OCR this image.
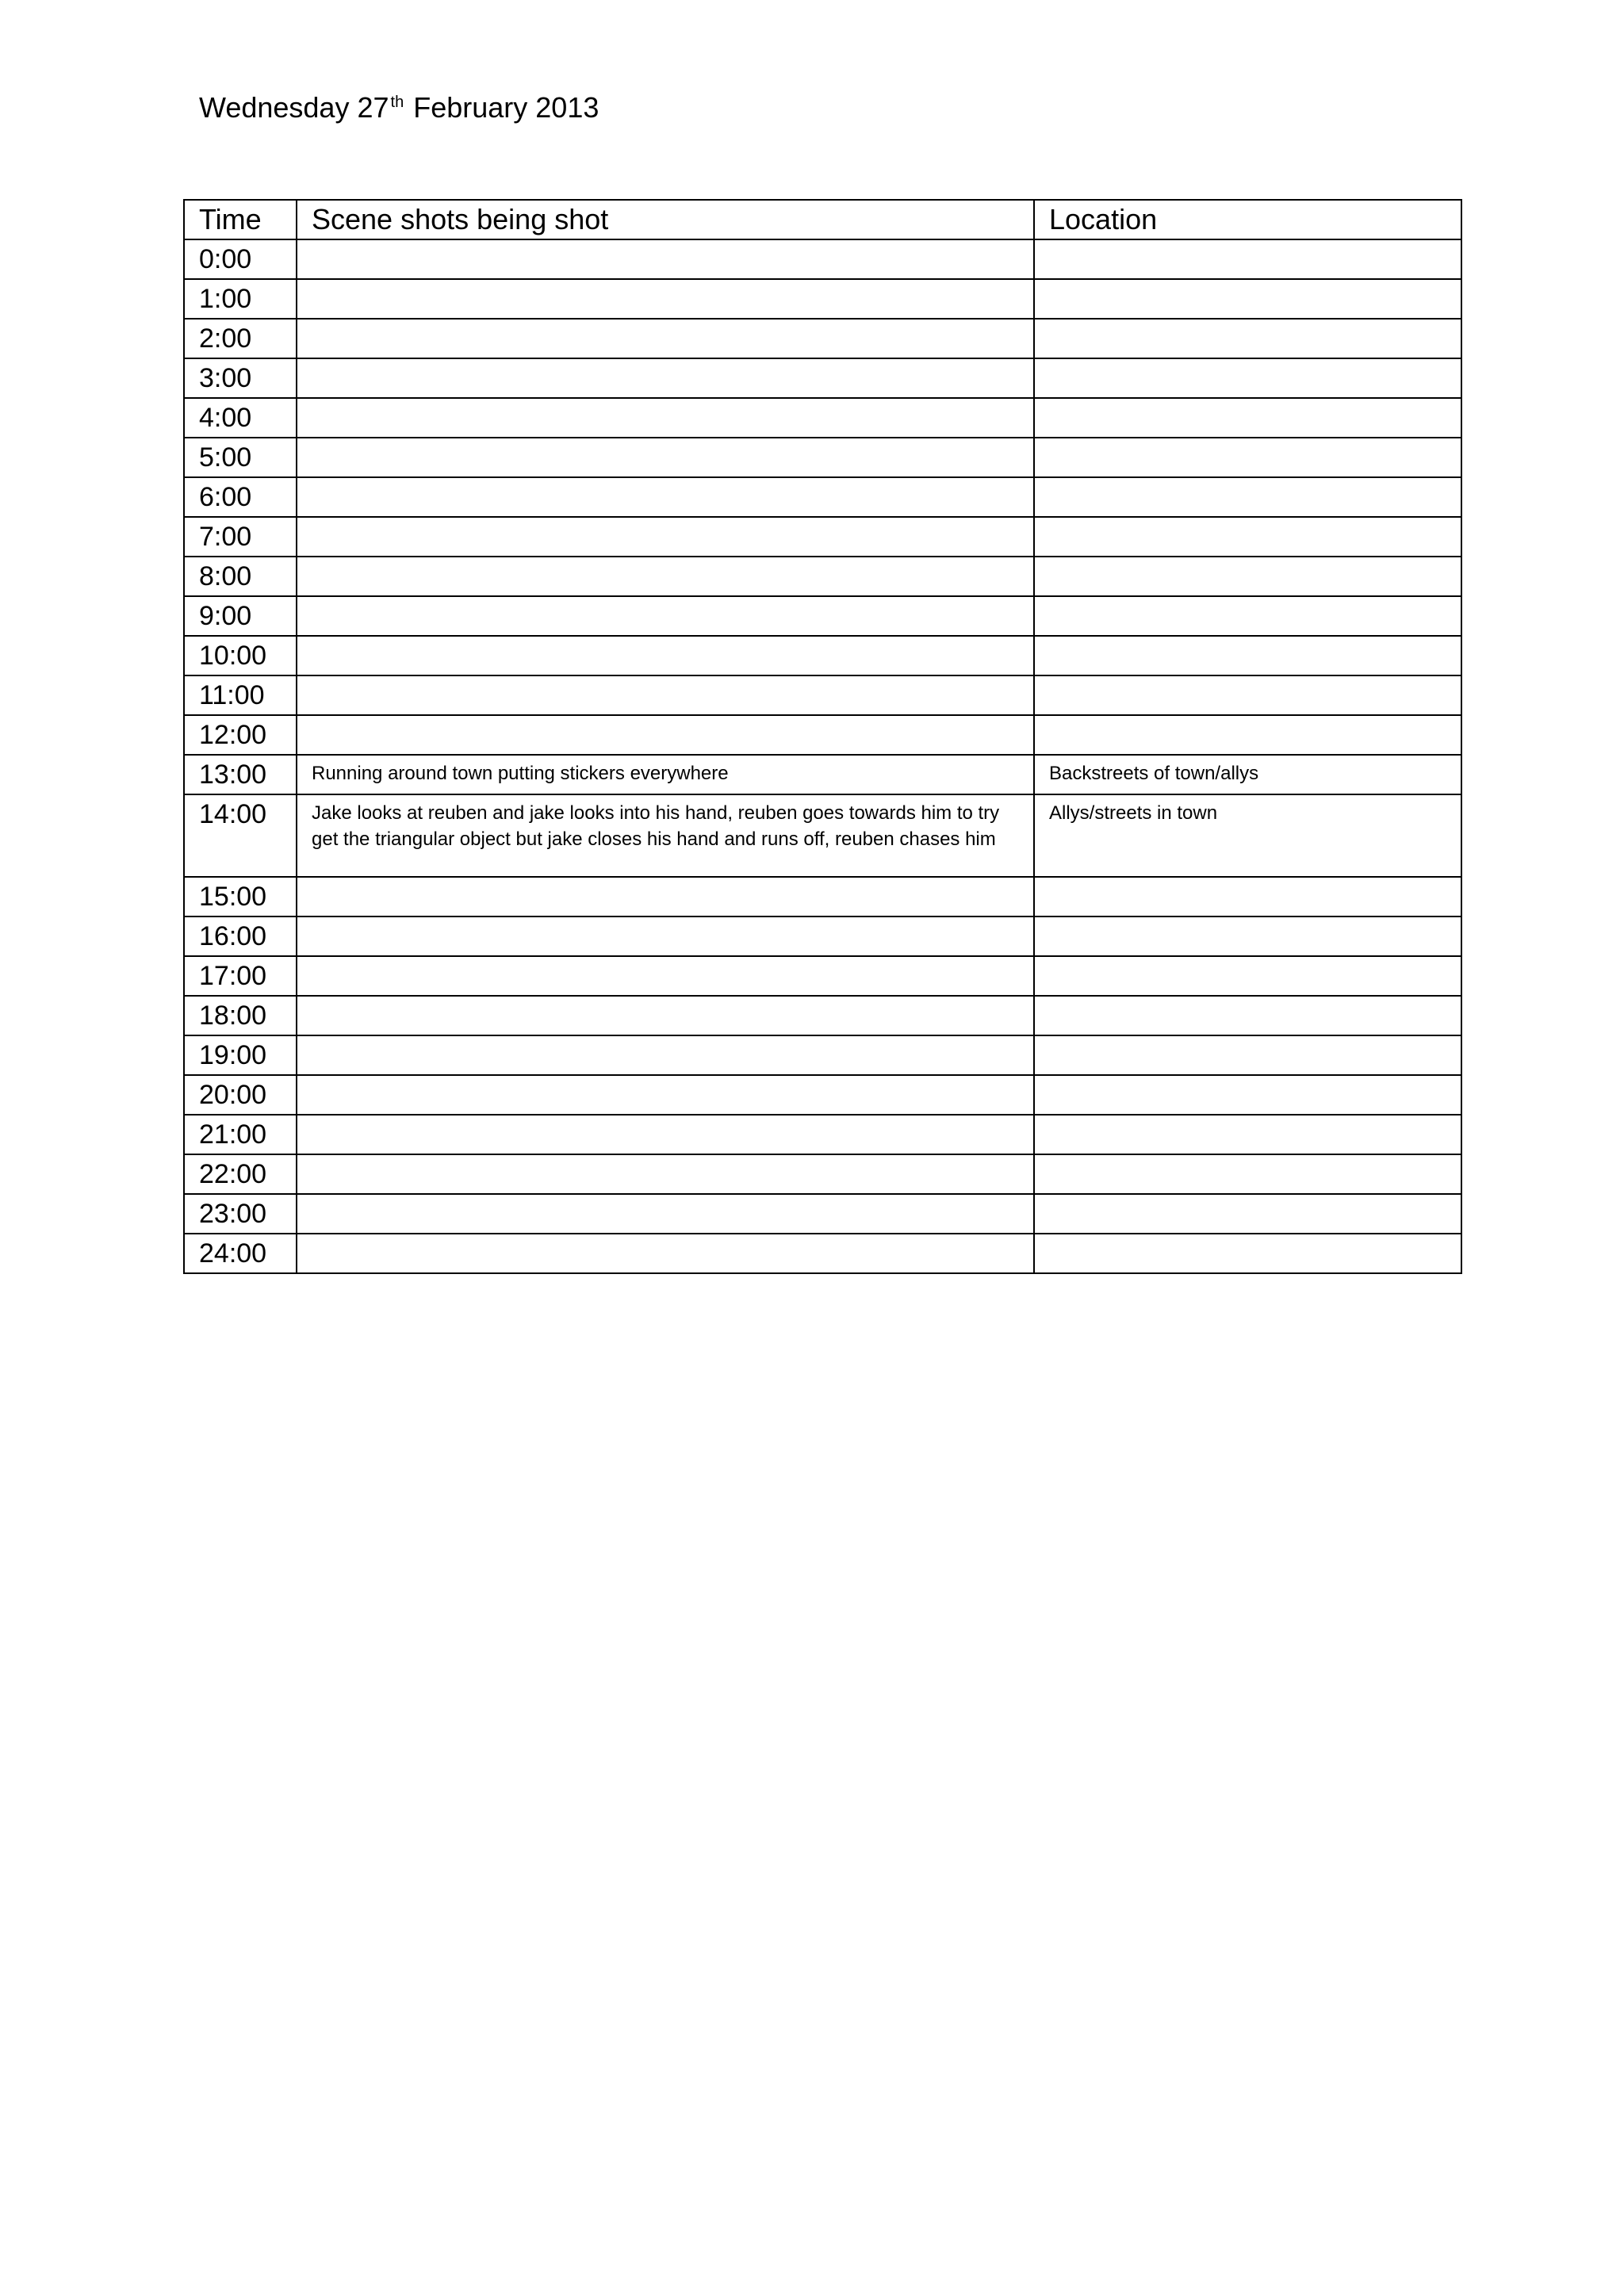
Wednesday 27 $^{th}$ February 2013
Time	Scene shots being shot	Location
0:00		
1:00		
2:00		
3:00		
4:00		
5:00		
6:00		
7:00		
8:00		
9:00		
10:00		
11:00		
12:00		
13:00	Running around town putting stickers everywhere	Backstreets of town/allys
14:00	Jake looks at reuben and jake looks into his hand, reuben goes towards him to try get the triangular object but jake closes his hand and runs off, reuben chases him	Allys/streets in town
15:00		
16:00		
17:00		
18:00		
19:00		
20:00		
21:00		
22:00		
23:00		
24:00		
